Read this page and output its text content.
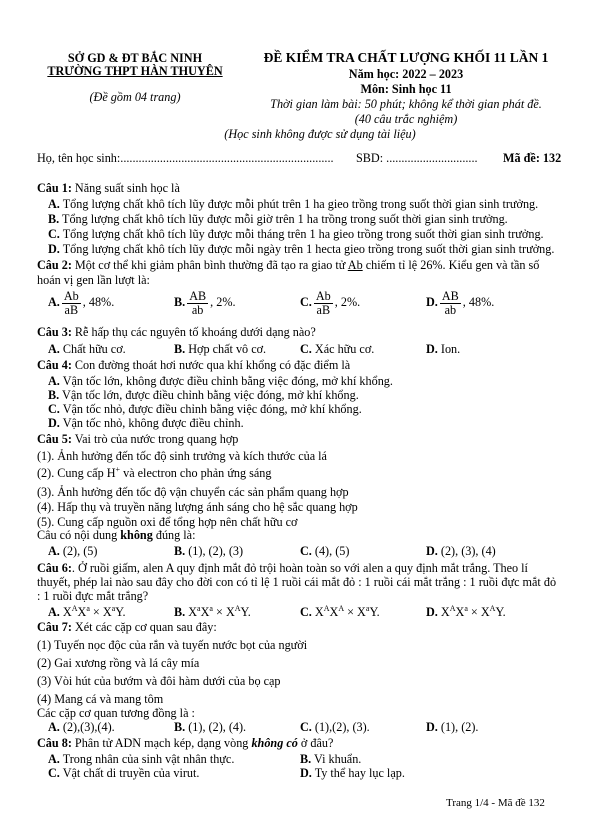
SỞ GD & ĐT BẮC NINH
TRƯỜNG THPT HÀN THUYÊN
(Đề gồm 04 trang)
ĐỀ KIỂM TRA CHẤT LƯỢNG KHỐI 11 LẦN 1
Năm học: 2022 – 2023
Môn: Sinh học 11
Thời gian làm bài: 50 phút; không kể thời gian phát đề.
(40 câu trắc nghiệm)
(Học sinh không được sử dụng tài liệu)
Họ, tên học sinh:...................................................................... SBD: .............................. Mã đề: 132
Câu 1: Năng suất sinh học là
A. Tổng lượng chất khô tích lũy được mỗi phút trên 1 ha gieo trồng trong suốt thời gian sinh trưởng.
B. Tổng lượng chất khô tích lũy được mỗi giờ trên 1 ha trồng trong suốt thời gian sinh trưởng.
C. Tổng lượng chất khô tích lũy được mỗi tháng trên 1 ha gieo trồng trong suốt thời gian sinh trưởng.
D. Tổng lượng chất khô tích lũy được mỗi ngày trên 1 hecta gieo trồng trong suốt thời gian sinh trưởng.
Câu 2: Một cơ thể khi giảm phân bình thường đã tạo ra giao tử Ab chiếm tỉ lệ 26%. Kiểu gen và tần số
hoán vị gen lần lượt là:
A. $\frac{Ab}{aB}$ , 48%.	B. $\frac{AB}{ab}$ , 2%.	C. $\frac{Ab}{aB}$ , 2%.	D. $\frac{AB}{ab}$ , 48%.
Câu 3: Rễ hấp thụ các nguyên tố khoáng dưới dạng nào?
A. Chất hữu cơ.	B. Hợp chất vô cơ.	C. Xác hữu cơ.	D. Ion.
Câu 4: Con đường thoát hơi nước qua khí khổng có đặc điểm là
A. Vận tốc lớn, không được điều chỉnh bằng việc đóng, mở khí khổng.
B. Vận tốc lớn, được điều chỉnh bằng việc đóng, mở khí khổng.
C. Vận tốc nhỏ, được điều chỉnh bằng việc đóng, mở khí khổng.
D. Vận tốc nhỏ, không được điều chỉnh.
Câu 5: Vai trò của nước trong quang hợp
(1). Ảnh hưởng đến tốc độ sinh trưởng và kích thước của lá
(2). Cung cấp H+ và electron cho phản ứng sáng
(3). Ảnh hưởng đến tốc độ vận chuyển các sản phẩm quang hợp
(4). Hấp thụ và truyền năng lượng ánh sáng cho hệ sắc quang hợp
(5). Cung cấp nguồn oxi để tổng hợp nên chất hữu cơ
Câu có nội dung không đúng là:
A. (2), (5)	B. (1), (2), (3)	C. (4), (5)	D. (2), (3), (4)
Câu 6:. Ở ruồi giấm, alen A quy định mắt đỏ trội hoàn toàn so với alen a quy định mắt trắng. Theo lí
thuyết, phép lai nào sau đây cho đời con có tỉ lệ 1 ruồi cái mắt đỏ : 1 ruồi cái mắt trắng : 1 ruồi đực mắt đỏ
: 1 ruồi đực mắt trắng?
A. $X^AX^a \times X^aY$.	B. $X^aX^a \times X^AY$.	C. $X^AX^A \times X^aY$.	D. $X^AX^a \times X^AY$.
Câu 7: Xét các cặp cơ quan sau đây:
(1) Tuyến nọc độc của rắn và tuyến nước bọt của người
(2) Gai xương rồng và lá cây mía
(3) Vòi hút của bướm và đôi hàm dưới của bọ cạp
(4) Mang cá và mang tôm
Các cặp cơ quan tương đồng là :
A. (2),(3),(4).	B. (1), (2), (4).	C. (1),(2), (3).	D. (1), (2).
Câu 8: Phân tử ADN mạch kép, dạng vòng không có ở đâu?
A. Trong nhân của sinh vật nhân thực.	B. Vi khuẩn.
C. Vật chất di truyền của virut.	D. Ty thể hay lục lạp.
Trang 1/4 - Mã đề 132
